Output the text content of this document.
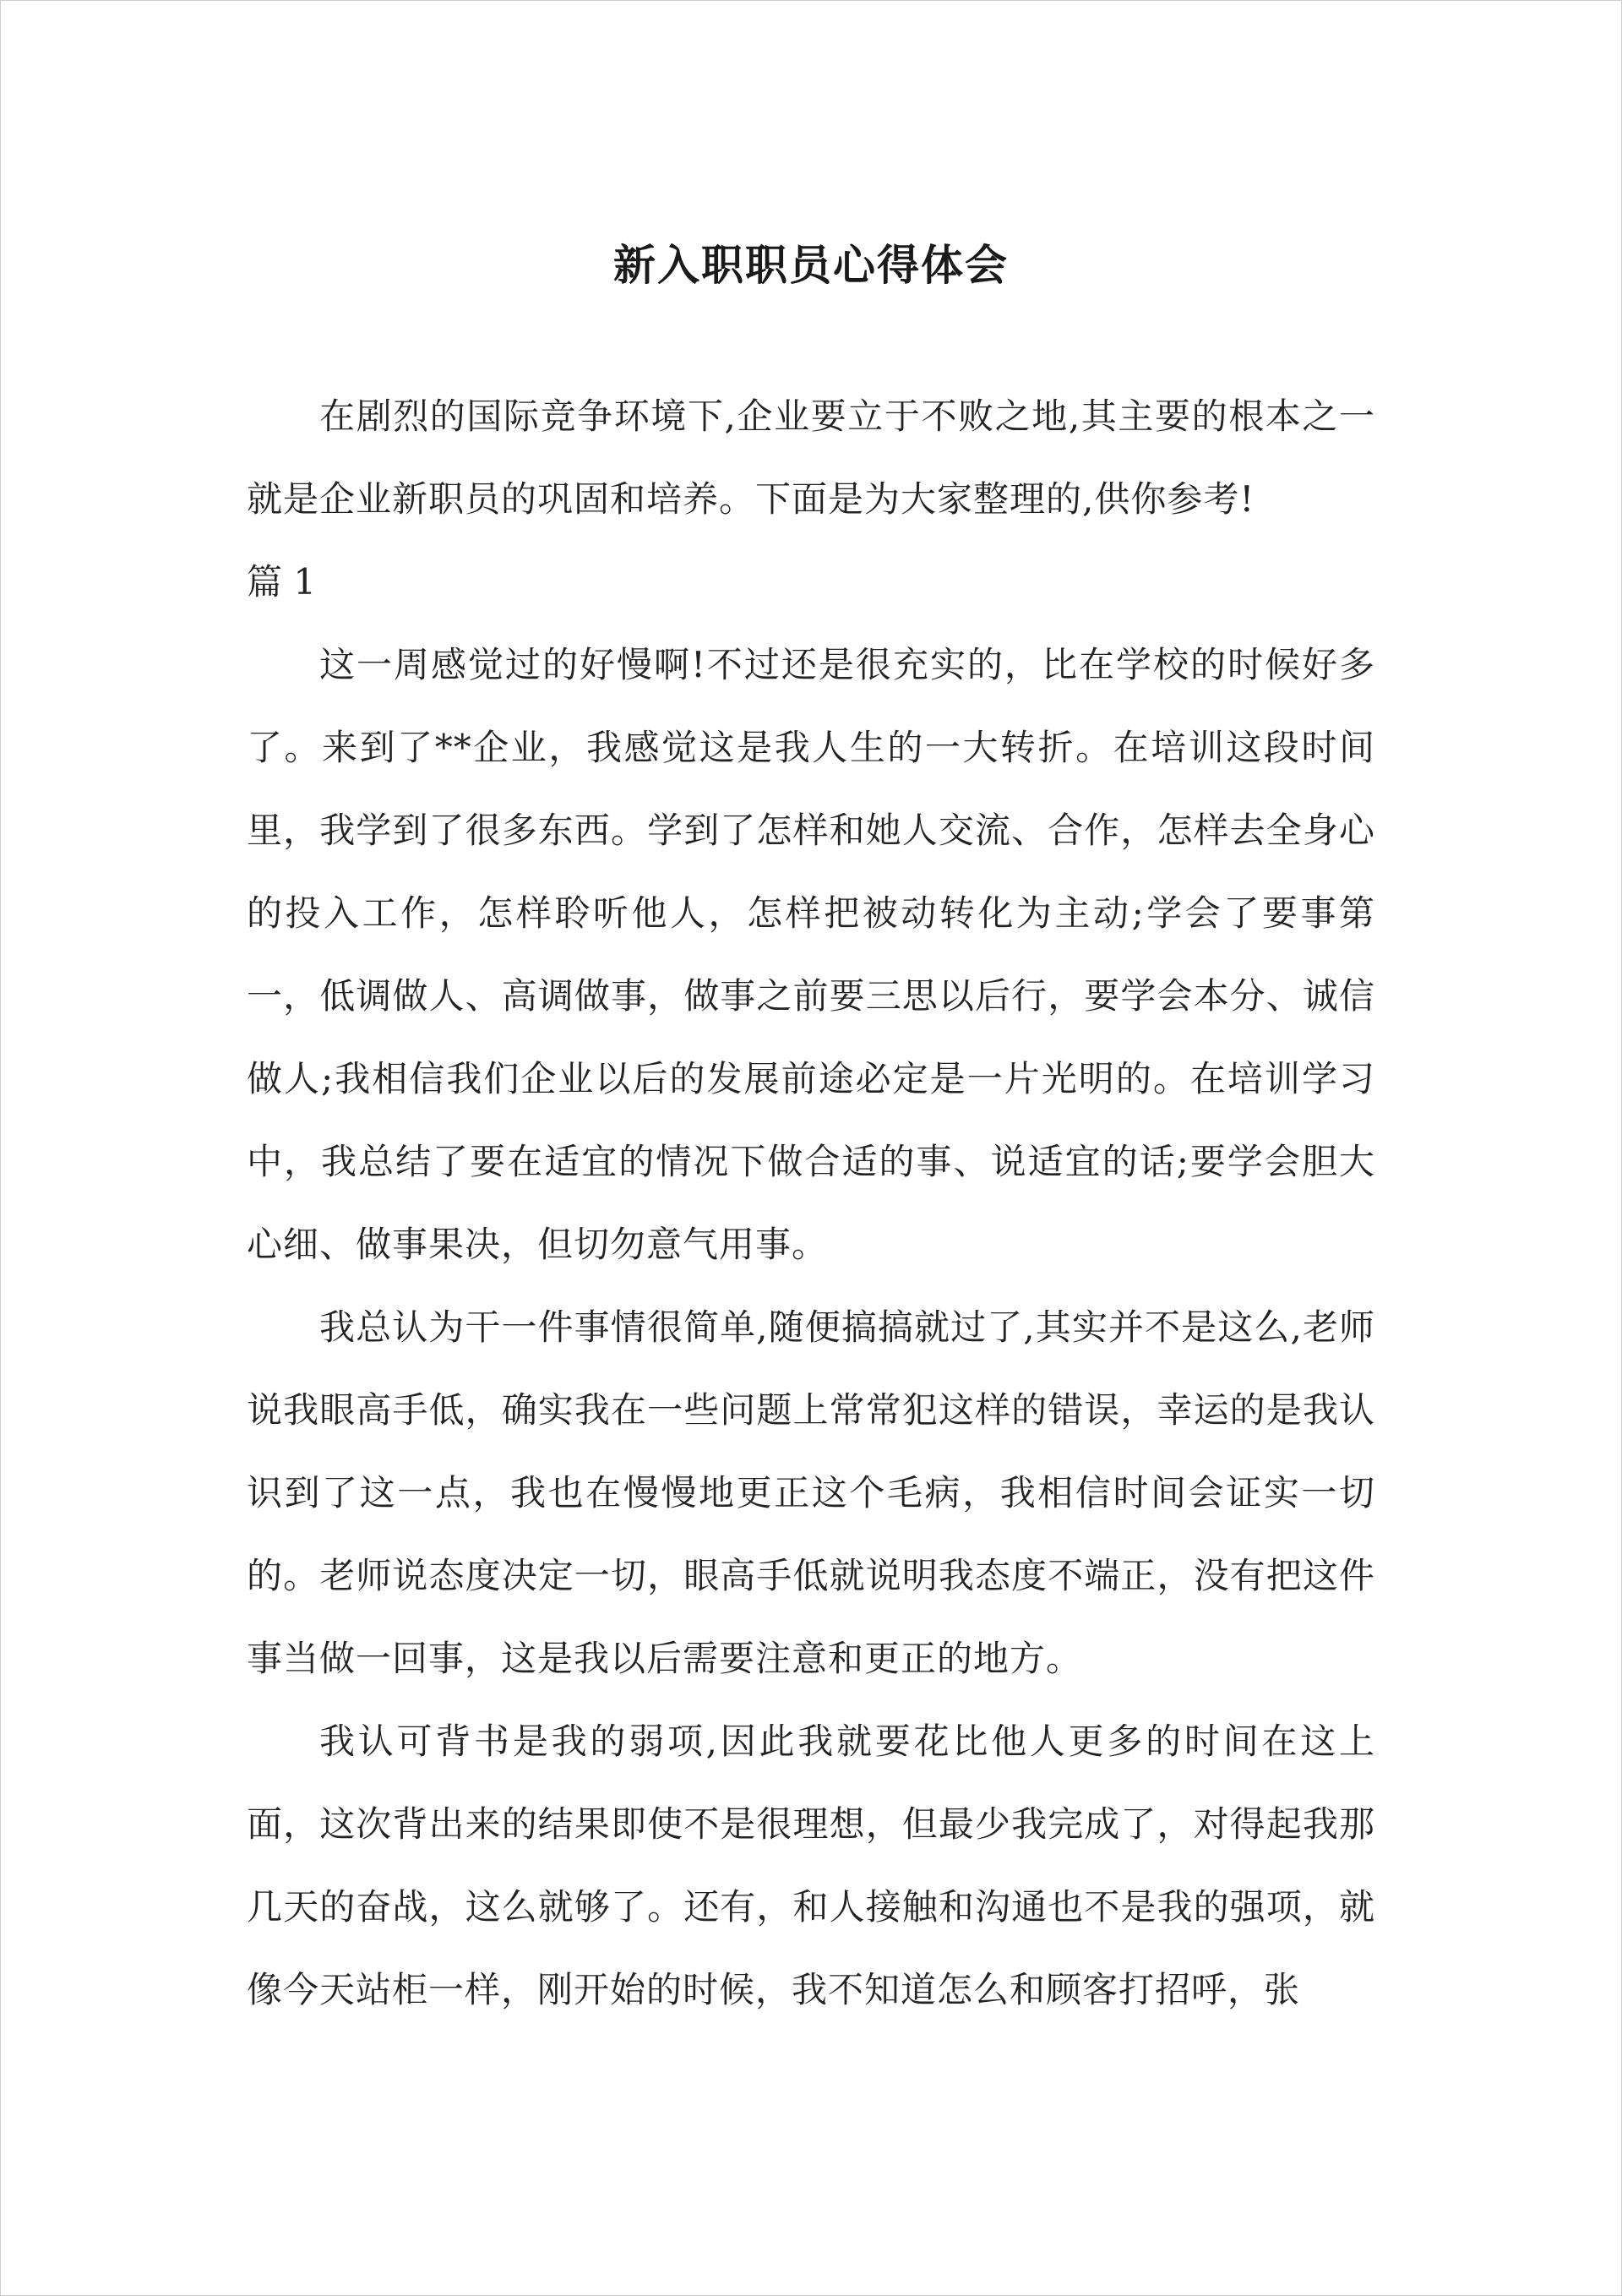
新入职职员心得体会

在剧烈的国际竞争环境下,企业要立于不败之地,其主要的根本之一就是企业新职员的巩固和培养。下面是为大家整理的,供你参考!

篇 1

这一周感觉过的好慢啊!不过还是很充实的，比在学校的时候好多了。来到了**企业，我感觉这是我人生的一大转折。在培训这段时间里，我学到了很多东西。学到了怎样和她人交流、合作，怎样去全身心的投入工作，怎样聆听他人，怎样把被动转化为主动;学会了要事第一，低调做人、高调做事，做事之前要三思以后行，要学会本分、诚信做人;我相信我们企业以后的发展前途必定是一片光明的。在培训学习中，我总结了要在适宜的情况下做合适的事、说适宜的话;要学会胆大心细、做事果决，但切勿意气用事。

我总认为干一件事情很简单,随便搞搞就过了,其实并不是这么,老师说我眼高手低，确实我在一些问题上常常犯这样的错误，幸运的是我认识到了这一点，我也在慢慢地更正这个毛病，我相信时间会证实一切的。老师说态度决定一切，眼高手低就说明我态度不端正，没有把这件事当做一回事，这是我以后需要注意和更正的地方。

我认可背书是我的弱项,因此我就要花比他人更多的时间在这上面，这次背出来的结果即使不是很理想，但最少我完成了，对得起我那几天的奋战，这么就够了。还有，和人接触和沟通也不是我的强项，就像今天站柜一样，刚开始的时候，我不知道怎么和顾客打招呼，张
